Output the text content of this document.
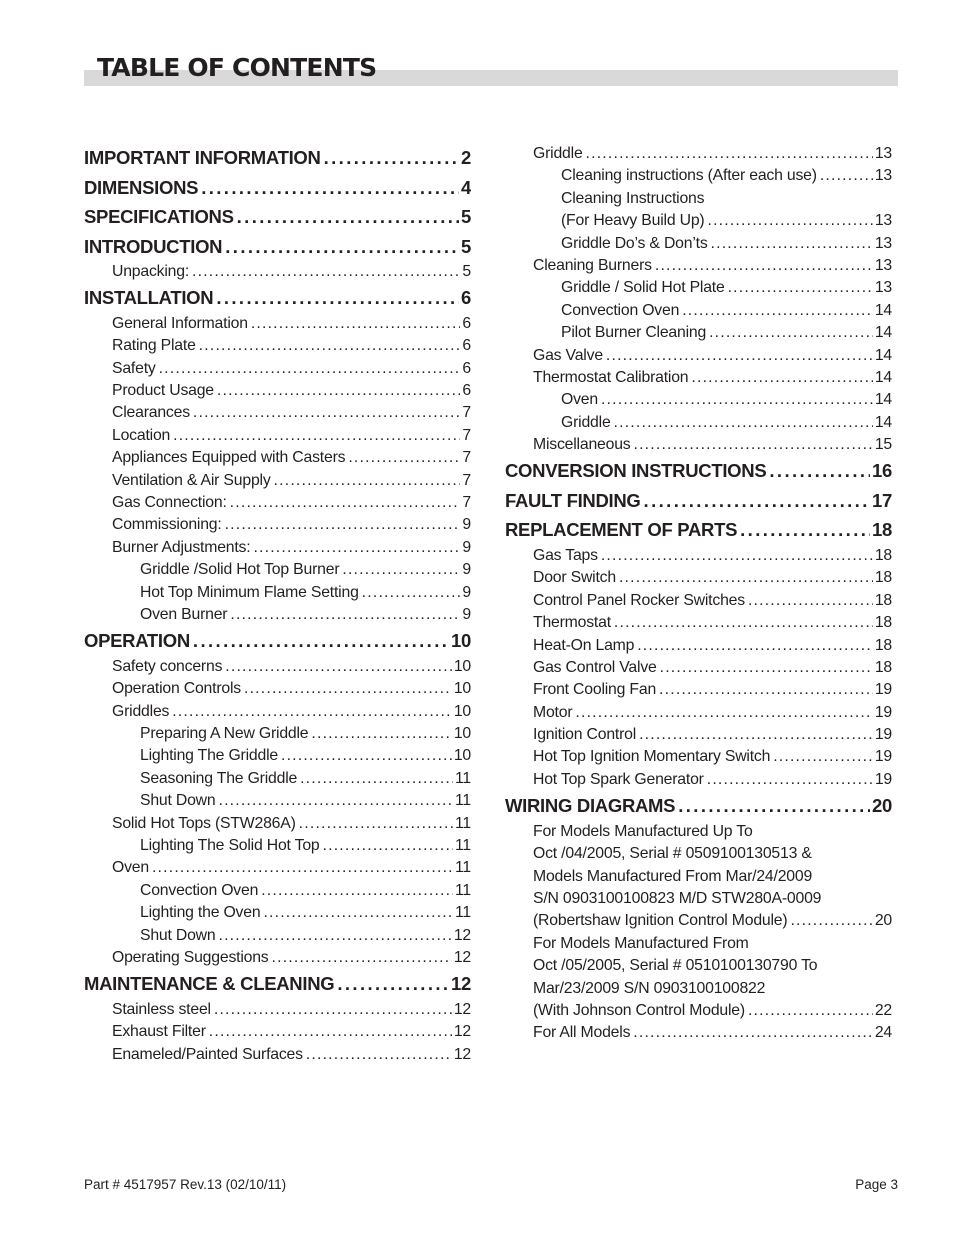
TABLE OF CONTENTS
IMPORTANT INFORMATION .....	2
DIMENSIONS .....	4
SPECIFICATIONS .....	5
INTRODUCTION .....	5
Unpacking: .....	5
INSTALLATION .....	6
General Information .....	6
Rating Plate .....	6
Safety .....	6
Product Usage .....	6
Clearances .....	7
Location .....	7
Appliances Equipped with Casters .....	7
Ventilation & Air Supply .....	7
Gas Connection: .....	7
Commissioning: .....	9
Burner Adjustments: .....	9
Griddle /Solid Hot Top Burner .....	9
Hot Top Minimum Flame Setting .....	9
Oven Burner .....	9
OPERATION .....	10
Safety concerns .....	10
Operation Controls .....	10
Griddles .....	10
Preparing A New Griddle .....	10
Lighting The Griddle .....	10
Seasoning The Griddle .....	11
Shut Down .....	11
Solid Hot Tops (STW286A) .....	11
Lighting The Solid Hot Top .....	11
Oven .....	11
Convection Oven .....	11
Lighting the Oven .....	11
Shut Down .....	12
Operating Suggestions .....	12
MAINTENANCE & CLEANING .....	12
Stainless steel .....	12
Exhaust Filter .....	12
Enameled/Painted Surfaces .....	12
Griddle .....	13
Cleaning instructions (After each use) .....	13
Cleaning Instructions
(For Heavy Build Up) .....	13
Griddle Do’s & Don’ts .....	13
Cleaning Burners .....	13
Griddle / Solid Hot Plate .....	13
Convection Oven .....	14
Pilot Burner Cleaning .....	14
Gas Valve .....	14
Thermostat Calibration .....	14
Oven .....	14
Griddle .....	14
Miscellaneous .....	15
CONVERSION INSTRUCTIONS .....	16
FAULT FINDING .....	17
REPLACEMENT OF PARTS .....	18
Gas Taps .....	18
Door Switch .....	18
Control Panel Rocker Switches .....	18
Thermostat .....	18
Heat-On Lamp .....	18
Gas Control Valve .....	18
Front Cooling Fan .....	19
Motor .....	19
Ignition Control .....	19
Hot Top Ignition Momentary Switch .....	19
Hot Top Spark Generator .....	19
WIRING DIAGRAMS .....	20
For Models Manufactured Up To
Oct /04/2005, Serial # 0509100130513 &
Models Manufactured From Mar/24/2009
S/N 0903100100823 M/D STW280A-0009
(Robertshaw Ignition Control Module) .....	20
For Models Manufactured From
Oct /05/2005, Serial # 0510100130790 To
Mar/23/2009 S/N 0903100100822
(With Johnson Control Module) .....	22
For All Models .....	24
Part # 4517957 Rev.13 (02/10/11)	Page 3
